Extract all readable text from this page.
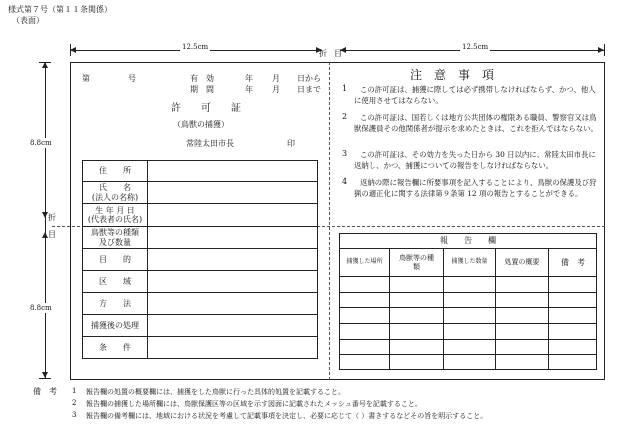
様式第７号（第１１条関係）
（表面）
12.5cm	12.5cm
折 目
8.8cm
8.8cm
折
目
第	号	有　効	年 月 日から
期　間	年 月 日まで
許　　可　　証
（鳥獣の捕獲）
常陸太田市長	印
住　　所
氏　　名
(法人の名称)
生 年 月 日
(代表者の氏名)
鳥獣等の種類
及び数量
目　　的
区　　域
方　　法
捕獲後の処理
条　　件
注　意　事　項
1	この許可証は、捕獲に際しては必ず携帯しなければならず、かつ、他人に使用させてはならない。
2	この許可証は、国若しくは地方公共団体の権限ある職員、警察官又は鳥獣保護員その他関係者が提示を求めたときは、これを拒んではならない。
3	この許可証は、その効力を失った日から 30 日以内に、常陸太田市長に返納し、かつ、捕獲についての報告をしなければならない。
4	返納の際に報告欄に所要事項を記入することにより、鳥獣の保護及び狩猟の適正化に関する法律第９条第 12 項の報告とすることができる。
報　　告　　欄
捕獲した場所	鳥獣等の種
類
捕獲した数量	処置の概要	備　考
備　考 1 報告欄の処置の概要欄には、捕獲をした鳥獣に行った具体的処置を記載すること。
2 報告欄の捕獲した場所欄には、鳥獣保護区等の区域を示す図面に記載されたメッシュ番号を記載すること。
3 報告欄の備考欄には、地域における状況を考慮して記載事項を決定し、必要に応じて（ ）書きするなどその旨を明示すること。
